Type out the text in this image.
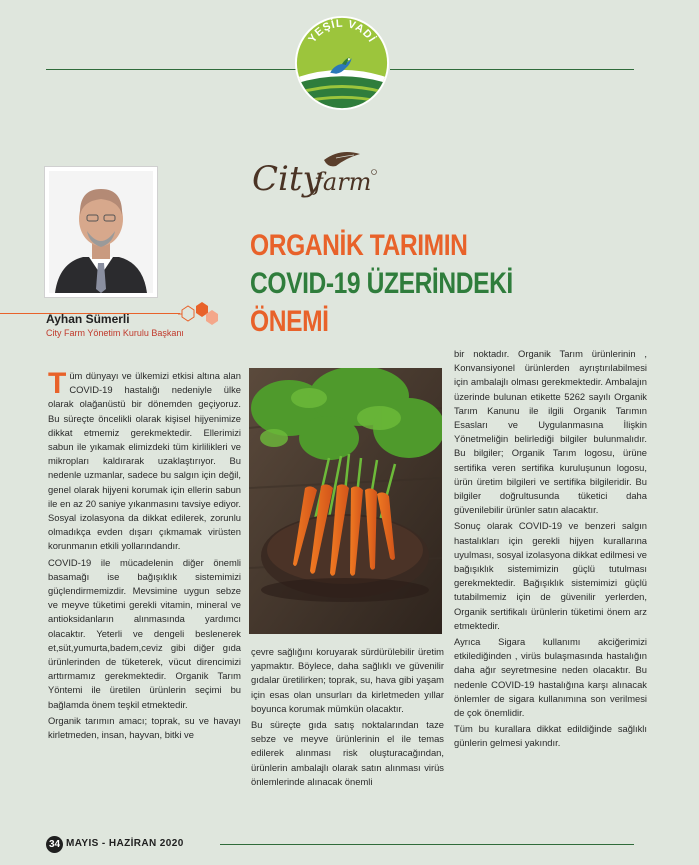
YEŞİL VADİ
City
farm
Ayhan Sümerli
City Farm Yönetim Kurulu Başkanı
ORGANİK TARIMIN
COVID-19 ÜZERİNDEKİ
ÖNEMİ

Tüm dünyayı ve ülkemizi etkisi altına alan COVID-19 hastalığı nedeniyle ülke olarak olağanüstü bir dönemden geçiyoruz. Bu süreçte öncelikli olarak kişisel hijyenimize dikkat etmemiz gerekmektedir. Ellerimizi sabun ile yıkamak elimizdeki tüm kirlilikleri ve mikropları kaldırarak uzaklaştırıyor. Bu nedenle uzmanlar, sadece bu salgın için değil, genel olarak hijyeni korumak için ellerin sabun ile en az 20 saniye yıkanmasını tavsiye ediyor. Sosyal izolasyona da dikkat edilerek, zorunlu olmadıkça evden dışarı çıkmamak virüsten korunmanın etkili yollarındandır.

COVID-19 ile mücadelenin diğer önemli basamağı ise bağışıklık sistemimizi güçlendirmemizdir. Mevsimine uygun sebze ve meyve tüketimi gerekli vitamin, mineral ve antioksidanların alınmasında yardımcı olacaktır. Yeterli ve dengeli beslenerek et,süt,yumurta,badem,ceviz gibi diğer gıda ürünlerinden de tüketerek, vücut direncimizi arttırmamız gerekmektedir. Organik Tarım Yöntemi ile üretilen ürünlerin seçimi bu bağlamda önem teşkil etmektedir.

Organik tarımın amacı; toprak, su ve havayı kirletmeden, insan, hayvan, bitki ve

çevre sağlığını koruyarak sürdürülebilir üretim yapmaktır. Böylece, daha sağlıklı ve güvenilir gıdalar üretilirken; toprak, su, hava gibi yaşam için esas olan unsurları da kirletmeden yıllar boyunca korumak mümkün olacaktır.

Bu süreçte gıda satış noktalarından taze sebze ve meyve ürünlerinin el ile temas edilerek alınması risk oluşturacağından, ürünlerin ambalajlı olarak satın alınması virüs önlemlerinde alınacak önemli

bir noktadır. Organik Tarım ürünlerinin , Konvansiyonel ürünlerden ayrıştırılabilmesi için ambalajlı olması gerekmektedir. Ambalajın üzerinde bulunan etikette 5262 sayılı Organik Tarım Kanunu ile ilgili Organik Tarımın Esasları ve Uygulanmasına İlişkin Yönetmeliğin belirlediği bilgiler bulunmalıdır. Bu bilgiler; Organik Tarım logosu, ürüne sertifika veren sertifika kuruluşunun logosu, ürün üretim bilgileri ve sertifika bilgileridir. Bu bilgiler doğrultusunda tüketici daha güvenilebilir ürünler satın alacaktır.

Sonuç olarak COVID-19 ve benzeri salgın hastalıkları için gerekli hijyen kurallarına uyulması, sosyal izolasyona dikkat edilmesi ve bağışıklık sistemimizin güçlü tutulması gerekmektedir. Bağışıklık sistemimizi güçlü tutabilmemiz için de güvenilir yerlerden, Organik sertifikalı ürünlerin tüketimi önem arz etmektedir.

Ayrıca Sigara kullanımı akciğerimizi etkilediğinden , virüs bulaşmasında hastalığın daha ağır seyretmesine neden olacaktır. Bu nedenle COVID-19 hastalığına karşı alınacak önlemler de sigara kullanımına son verilmesi de çok önemlidir.

Tüm bu kurallara dikkat edildiğinde sağlıklı günlerin gelmesi yakındır.

34 MAYIS - HAZİRAN 2020
